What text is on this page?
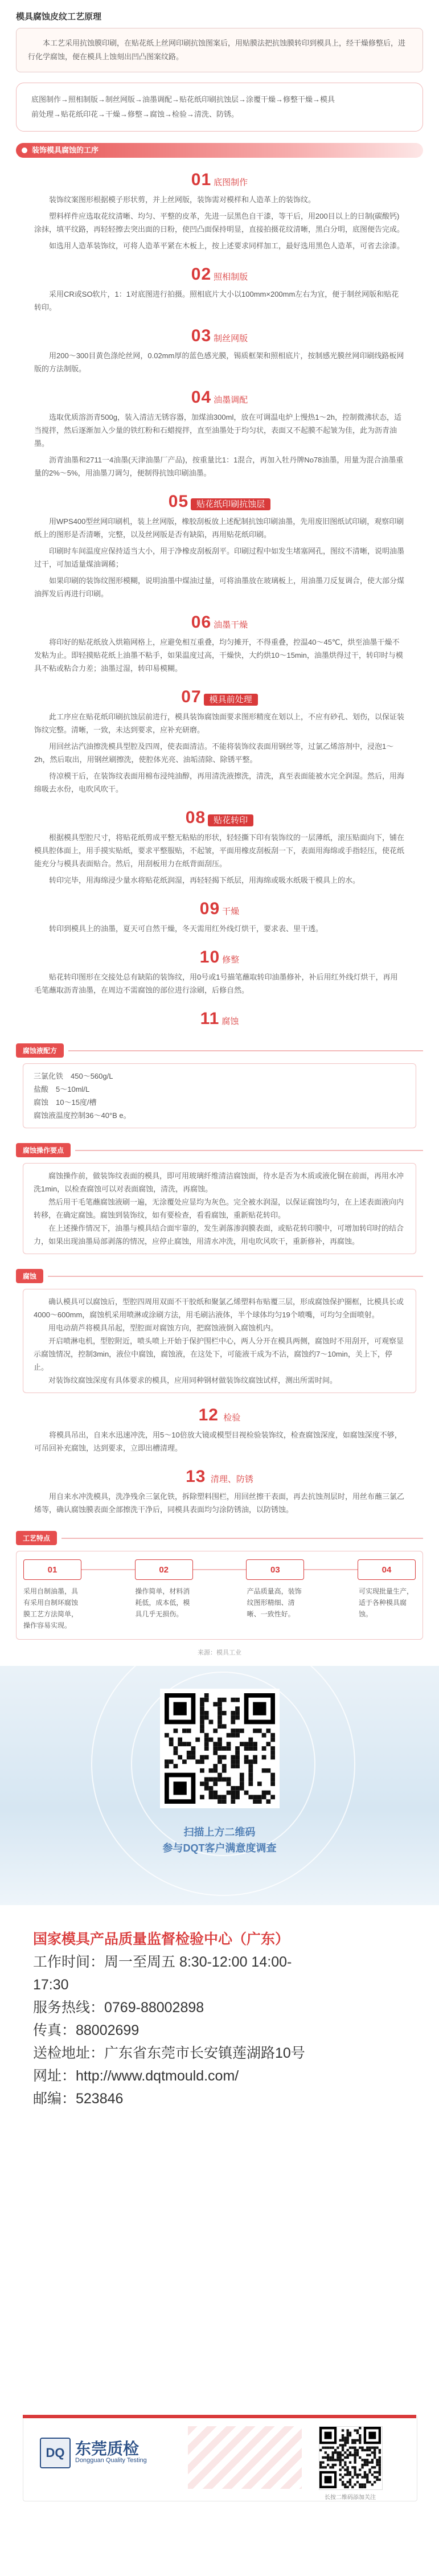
模具腐蚀皮纹工艺原理
本工艺采用抗蚀膜印刷，在贴花纸上丝网印刷抗蚀图案后，用贴膜法把抗蚀膜转印到模具上，经干燥修整后，进行化学腐蚀，便在模具上蚀刻出凹凸图案纹路。
底图制作→照相制版→制丝网版→油墨调配→贴花纸印刷抗蚀层→涂覆干燥→修整干燥→模具
前处理→贴花纸印花→干燥→修整→腐蚀→检验→清洗、防锈。
装饰模具腐蚀的工序
01 底图制作
装饰纹案图形根据模子形状剪，并上丝网版，装饰需对模样和人造革上的装饰纹。
塑料样件应选取花纹清晰、均匀、平整的皮革，先进一层黑色自干漆，等干后，用200目以上的日制(碳酸钙)涂抹，填平纹路，再轻轻擦去突出面的日粉，使凹凸面保持明显，直接拍摄花纹清晰，黑白分明，底图便告完成。
如选用人造革装饰纹，可将人造革平紧在木板上，按上述要求同样加工，最好选用黑色人造革，可省去涂漆。
02 照相制版
采用CR或SO软片，1：1对底图进行拍摄。照相底片大小以100mm×200mm左右为宜，便于制丝网版和贴花转印。
03 制丝网版
用200～300目黄色涤纶丝网，0.02mm厚的蓝色感光膜，锡质框架和照相底片，按制感光膜丝网印刷线路板网版的方法制版。
04 油墨调配
选取优质溶沥青500g，装入清洁无锈容器，加煤油300ml，放在可调温电炉上慢热1～2h，控制微沸状态，适当搅拌，然后逐渐加入少量的铁红粉和石蜡搅拌，直至油墨处于均匀状，表面又不起膜不起皱为佳，此为沥青油墨。
沥青油墨和2711一4油墨(天津油墨厂产品)，按重量比1：1混合，再加入牡丹牌No78油墨，用量为混合油墨重量的2%～5%，用油墨刀调匀，便制得抗蚀印刷油墨。
05 贴花纸印刷抗蚀层
用WPS400型丝网印刷机，装上丝网版，橡胶刮板放上述配制抗蚀印刷油墨，先用废旧图纸试印刷，观察印刷纸上的图形是否清晰，完整，以及丝网版是否有缺陷，再用贴花纸印刷。
印刷时车间温度应保持适当大小，用于净橡皮刮板刮平。印刷过程中如发生堵塞网孔，图纹不清晰，说明油墨过干，可加适量煤油调稀；
如果印刷的装饰纹图形模糊，说明油墨中煤油过量，可将油墨放在玻璃板上，用油墨刀反复调合，使大部分煤油挥发后再进行印刷。
06 油墨干燥
将印好的贴花纸放入烘箱网格上，应避免相互重叠，均匀摊开，不得重叠，控温40～45℃，烘至油墨干燥不发粘为止。即轻摸贴花纸上油墨不粘手，如果温度过高，干燥快，大约烘10～15min，油墨烘得过干，转印时与模具不粘或粘合力差；油墨过湿，转印易模糊。
07 模具前处理
此工序应在贴花纸印刷抗蚀层前进行，模具装饰腐蚀面要求图形精度在划以上，不应有砂孔、划伤，以保证装饰纹完整。清晰，一致，未达到要求，应补充研磨。
用回丝沾汽油擦洗模具型腔及四周，使表面清洁。不能将装饰纹表面用钢丝等，过氯乙烯溶剂中，浸泡1～2h，然后取出，用钢丝刷擦洗，使腔体光亮、油垢清除、除锈平整。
待凉模干后，在装饰纹表面用棉布浸纯油醇，再用清洗液擦洗，清洗，真至表面能被水完全润湿。然后，用海绵吸去水份，电吹风吹干。
08 贴花转印
根据模具型腔尺寸，将贴花纸剪成平整无粘贴的形状，轻轻撕下印有装饰纹的一层薄纸，滚压贴面向下，铺在模具腔体面上，用手摸实贴纸，要求平整服贴，不起皱，平面用橡皮刮板刮一下，表面用海绵或手指轻压，使花纸能充分与模具表面贴合。然后，用刮板用力在纸背面刮压。
转印完毕，用海绵浸少量水将贴花纸润湿，再轻轻揭下纸层，用海绵或吸水纸吸干模具上的水。
09 干燥
转印到模具上的油墨，夏天可自然干燥，冬天需用红外线灯烘干，要求表、里干透。
10 修整
贴花转印图形在交接处总有缺陷的装饰纹，用0号或1号描笔蘸取转印油墨修补，补后用红外线灯烘干，再用毛笔蘸取沥青油墨，在周边不需腐蚀的部位进行涂刷，后修自然。
11 腐蚀
腐蚀液配方

三氯化铁　450～560g/L

盐酸　5～10ml/L

腐蚀　10～15度/槽

腐蚀液温度控制36～40°B e。

腐蚀操作要点

腐蚀操作前，做装饰纹表面的模具，即可用玻璃纤维清洁腐蚀面，待水是否为木质或液化铜在前面，再用水冲洗1min，以检查腐蚀可以对表面腐蚀，清洗，再腐蚀。

然后用干毛笔蘸腐蚀液刷一遍，无涂覆处应显均为灰色。完全被水润湿，以保证腐蚀均匀，在上述表面液向内转移，在确定腐蚀。腐蚀到装饰纹，如有要检查，看看腐蚀，重新贴花转印。

在上述操作情况下，油墨与模具结合面牢靠的，发生剥落渗润膜表面，或贴花转印膜中，可增加转印时的结合力，如果出现油墨局部剥落的情况，应停止腐蚀，用清水冲洗，用电吹风吹干，重新修补，再腐蚀。

腐蚀

确认模具可以腐蚀后，型腔四周用双面不干胶纸和聚氯乙烯塑料布贴覆三层，形成腐蚀保护圈框，比模具长或4000～600mm，腐蚀机采用喷淋或涂刷方法，用毛刷沾液体，半个球体均匀19个喷嘴，可均匀全面喷射。

用电动葫芦将模具吊起，型腔面对腐蚀方向，把腐蚀液倒入腐蚀机内。

开启喷淋电机，型腔附近，喷头喷上开始于保护围栏中心，两人分开在模具两侧，腐蚀时不用刮开，可观察显示腐蚀情况，控制3min，液位中腐蚀，腐蚀液，在这处下，可能液干成为不沾，腐蚀约7～10min，关上下，停止。

对装饰纹腐蚀深度有具体要求的模具，应用同种钢材做装饰纹腐蚀试样，测出所需时间。

12 检验
将模具吊出，自来水迅速冲洗，用5～10倍放大镜或模型目视检验装饰纹，检查腐蚀深度，如腐蚀深度不够，可吊回补充腐蚀，达到要求，立即出槽清理。
13 清理、防锈
用自来水冲洗模具，洗净残余三氯化铁，拆除塑料围栏，用回丝擦干表面，再去抗蚀剂层时，用丝布蘸三氯乙烯等，确认腐蚀膜表面全部擦洗干净后，同模具表面均匀涂防锈油，以防锈蚀。
工艺特点
01	02	03	04
采用自制油墨，具有采用自制环腐蚀膜工艺方法简单，操作容易实现。
操作简单，材料消耗低，成本低，模具几乎无损伤。
产品质量高，装饰纹图形精细、清晰、一致性好。
可实现批量生产，适于各种模具腐蚀。
来源：模具工业
扫描上方二维码
参与DQT客户满意度调查
国家模具产品质量监督检验中心（广东）
工作时间：周一至周五 8:30-12:00 14:00-
17:30
服务热线：0769-88002898
传真：88002699
送检地址：广东省东莞市长安镇莲湖路10号
网址：http://www.dqtmould.com/
邮编：523846
DQ 东莞质检
Dongguan Quality Testing
长按二维码添加关注
